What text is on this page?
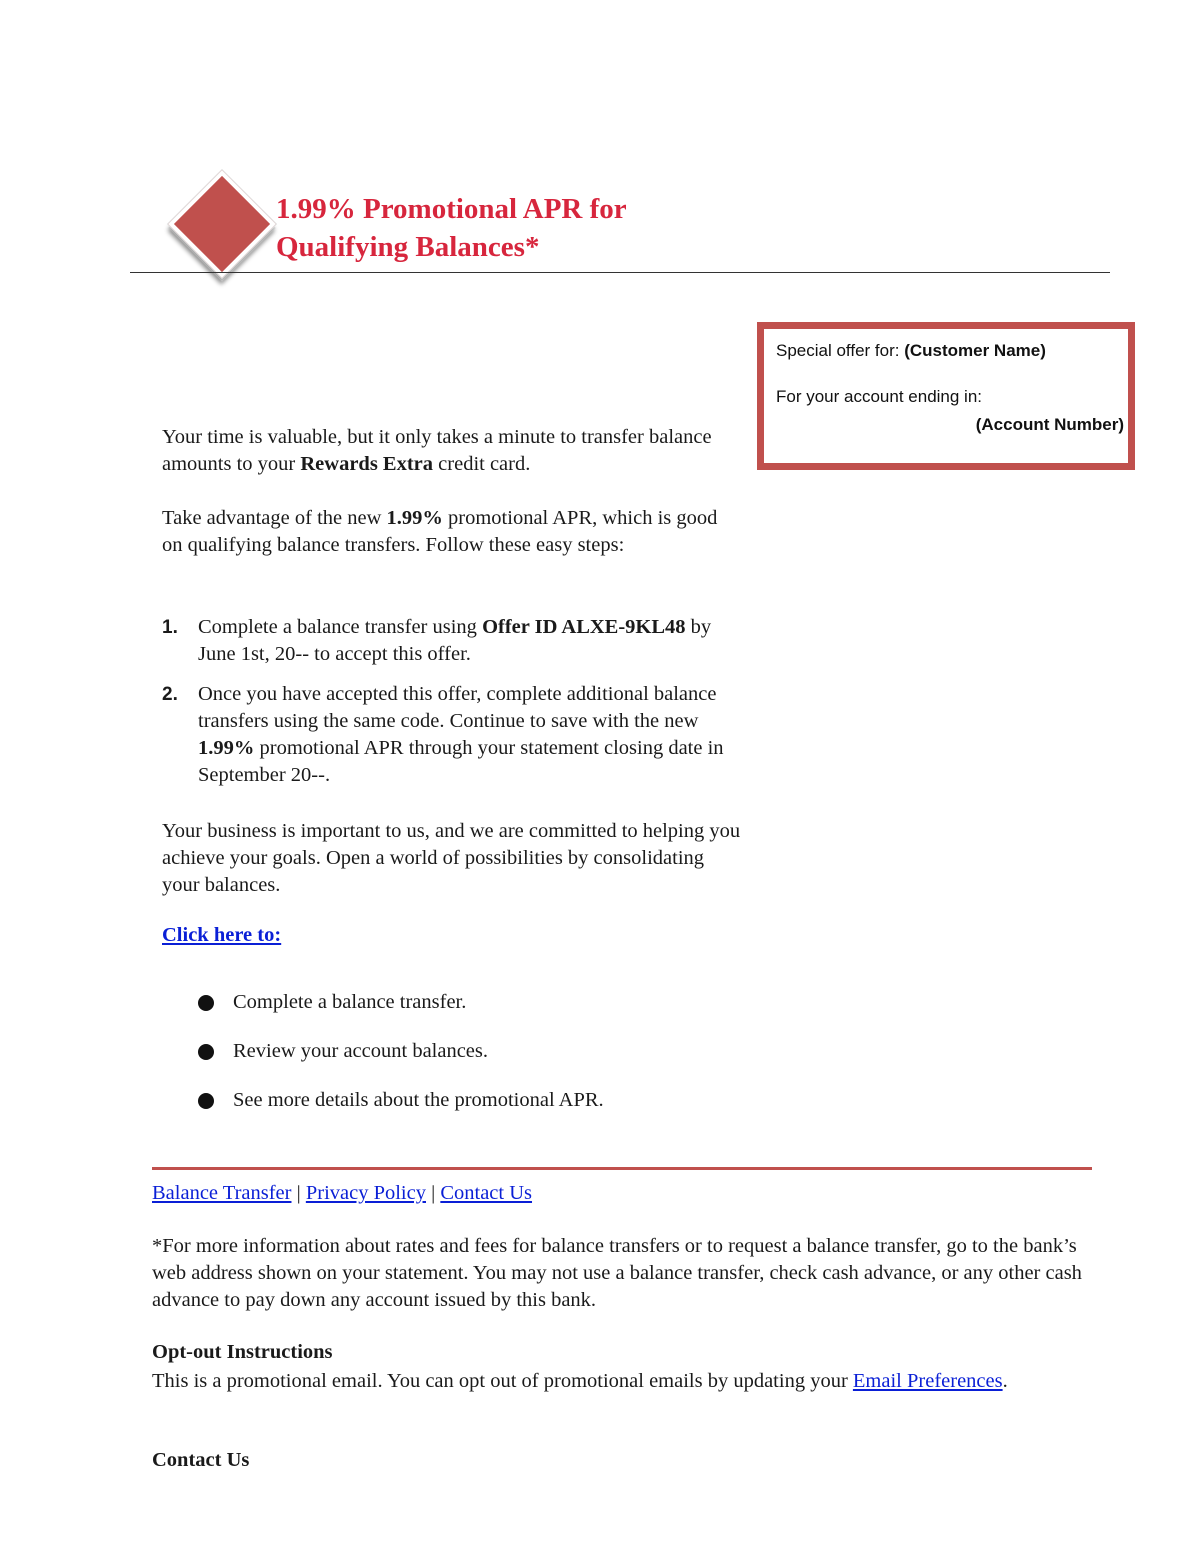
1.99% Promotional APR for
Qualifying Balances*
Special offer for: (Customer Name)
For your account ending in:
(Account Number)
Your time is valuable, but it only takes a minute to transfer balance amounts to your Rewards Extra credit card.
Take advantage of the new 1.99% promotional APR, which is good on qualifying balance transfers. Follow these easy steps:
1. Complete a balance transfer using Offer ID ALXE-9KL48 by June 1st, 20-- to accept this offer.
2. Once you have accepted this offer, complete additional balance transfers using the same code. Continue to save with the new 1.99% promotional APR through your statement closing date in September 20--.
Your business is important to us, and we are committed to helping you achieve your goals. Open a world of possibilities by consolidating your balances.
Click here to:
Complete a balance transfer.
Review your account balances.
See more details about the promotional APR.
Balance Transfer | Privacy Policy | Contact Us
*For more information about rates and fees for balance transfers or to request a balance transfer, go to the bank’s web address shown on your statement. You may not use a balance transfer, check cash advance, or any other cash advance to pay down any account issued by this bank.
Opt-out Instructions
This is a promotional email. You can opt out of promotional emails by updating your Email Preferences.
Contact Us
